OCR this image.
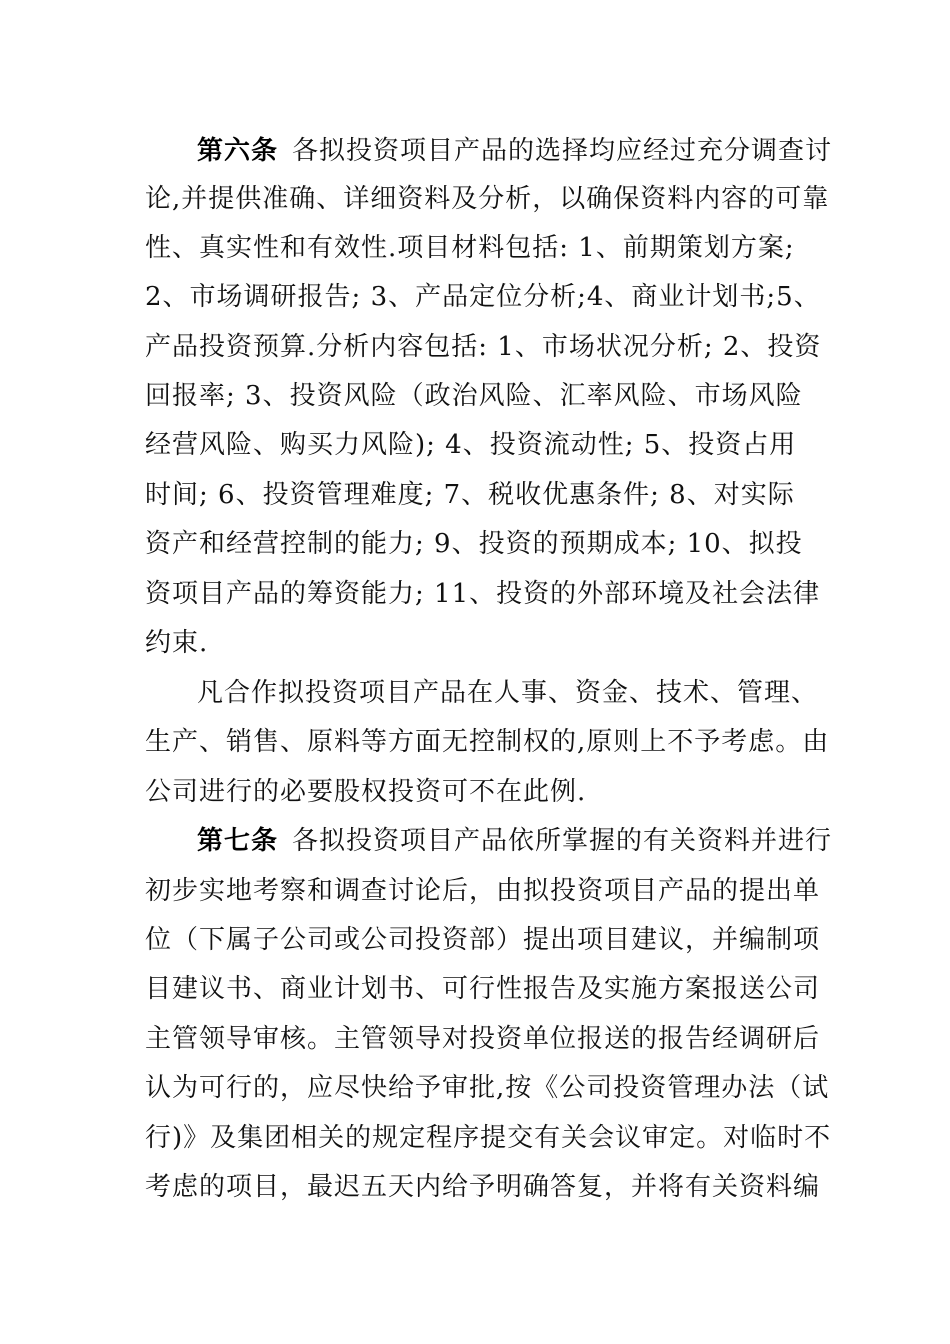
第六条 各拟投资项目产品的选择均应经过充分调查讨
论,并提供准确、详细资料及分析，以确保资料内容的可靠
性、真实性和有效性.项目材料包括: 1、前期策划方案;
2、市场调研报告; 3、产品定位分析;4、商业计划书;5、
产品投资预算.分析内容包括: 1、市场状况分析; 2、投资
回报率; 3、投资风险（政治风险、汇率风险、市场风险
经营风险、购买力风险); 4、投资流动性; 5、投资占用
时间; 6、投资管理难度; 7、税收优惠条件; 8、对实际
资产和经营控制的能力; 9、投资的预期成本; 10、拟投
资项目产品的筹资能力; 11、投资的外部环境及社会法律
约束.
凡合作拟投资项目产品在人事、资金、技术、管理、
生产、销售、原料等方面无控制权的,原则上不予考虑。由
公司进行的必要股权投资可不在此例.
第七条 各拟投资项目产品依所掌握的有关资料并进行
初步实地考察和调查讨论后，由拟投资项目产品的提出单
位（下属子公司或公司投资部）提出项目建议，并编制项
目建议书、商业计划书、可行性报告及实施方案报送公司
主管领导审核。主管领导对投资单位报送的报告经调研后
认为可行的，应尽快给予审批,按《公司投资管理办法（试
行)》及集团相关的规定程序提交有关会议审定。对临时不
考虑的项目，最迟五天内给予明确答复，并将有关资料编
